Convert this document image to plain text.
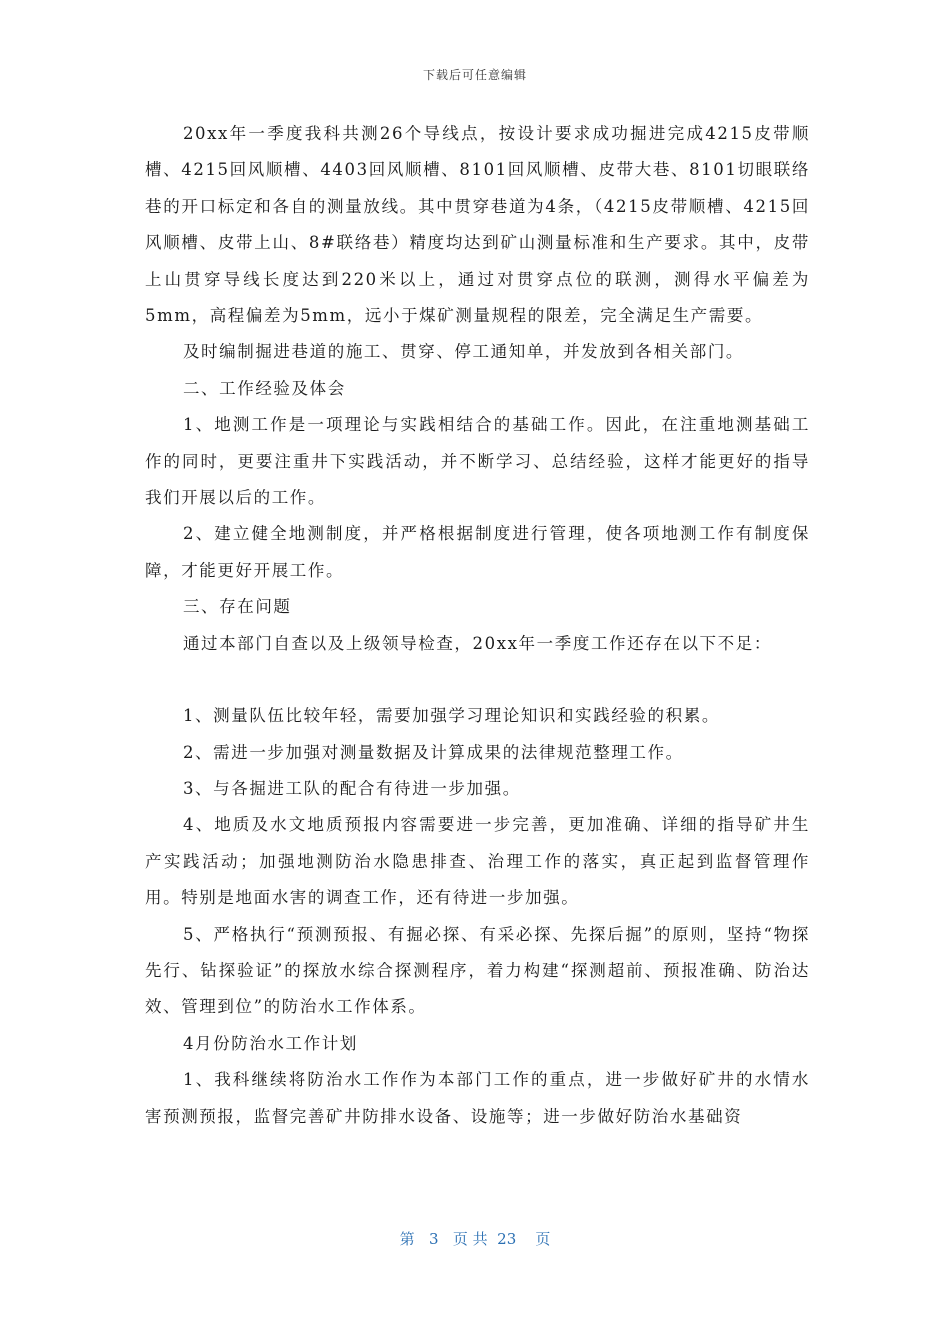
下载后可任意编辑

20xx年一季度我科共测26个导线点，按设计要求成功掘进完成4215皮带顺槽、4215回风顺槽、4403回风顺槽、8101回风顺槽、皮带大巷、8101切眼联络巷的开口标定和各自的测量放线。其中贯穿巷道为4条，（4215皮带顺槽、4215回风顺槽、皮带上山、8#联络巷）精度均达到矿山测量标准和生产要求。其中，皮带上山贯穿导线长度达到220米以上，通过对贯穿点位的联测，测得水平偏差为5mm，高程偏差为5mm，远小于煤矿测量规程的限差，完全满足生产需要。

及时编制掘进巷道的施工、贯穿、停工通知单，并发放到各相关部门。

二、工作经验及体会

1、地测工作是一项理论与实践相结合的基础工作。因此，在注重地测基础工作的同时，更要注重井下实践活动，并不断学习、总结经验，这样才能更好的指导我们开展以后的工作。

2、建立健全地测制度，并严格根据制度进行管理，使各项地测工作有制度保障，才能更好开展工作。

三、存在问题

通过本部门自查以及上级领导检查，20xx年一季度工作还存在以下不足：

1、测量队伍比较年轻，需要加强学习理论知识和实践经验的积累。

2、需进一步加强对测量数据及计算成果的法律规范整理工作。

3、与各掘进工队的配合有待进一步加强。

4、地质及水文地质预报内容需要进一步完善，更加准确、详细的指导矿井生产实践活动；加强地测防治水隐患排查、治理工作的落实，真正起到监督管理作用。特别是地面水害的调查工作，还有待进一步加强。

5、严格执行“预测预报、有掘必探、有采必探、先探后掘”的原则，坚持“物探先行、钻探验证”的探放水综合探测程序，着力构建“探测超前、预报准确、防治达效、管理到位”的防治水工作体系。

4月份防治水工作计划

1、我科继续将防治水工作作为本部门工作的重点，进一步做好矿井的水情水害预测预报，监督完善矿井防排水设备、设施等；进一步做好防治水基础资

第 3 页 共 23 页
